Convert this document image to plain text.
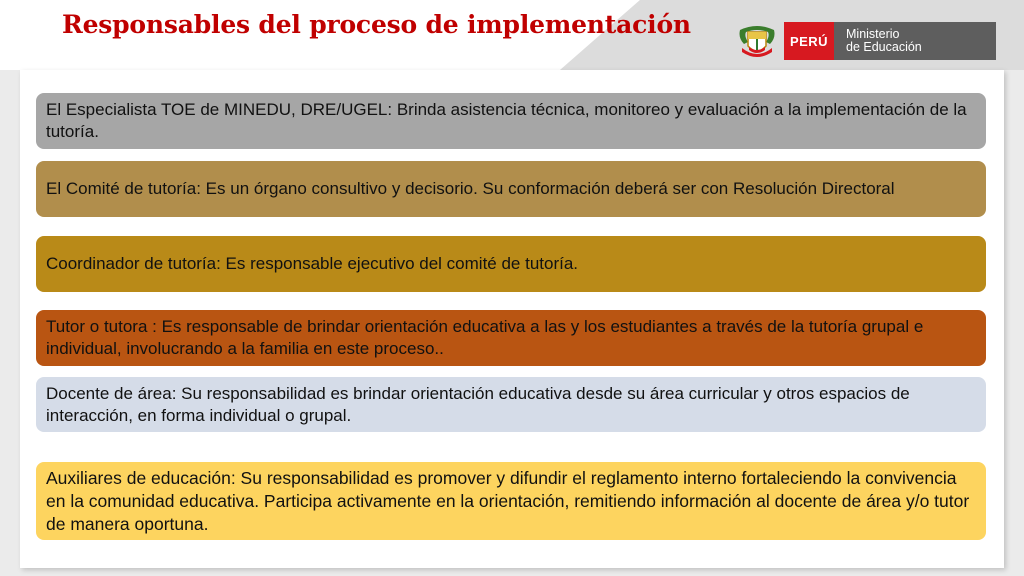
Responsables del proceso de implementación
PERÚ	Ministerio
de Educación
El Especialista TOE de MINEDU, DRE/UGEL: Brinda asistencia técnica, monitoreo y evaluación a la implementación de la tutoría.
El Comité de tutoría: Es un órgano consultivo y decisorio. Su conformación deberá ser con Resolución Directoral
Coordinador de tutoría: Es responsable ejecutivo del comité de tutoría.
Tutor o tutora : Es responsable de brindar orientación educativa a las y los estudiantes a través de la tutoría grupal e individual, involucrando a la familia en este proceso..
Docente de área: Su responsabilidad es brindar orientación educativa desde su área curricular y otros espacios de interacción, en forma individual o grupal.
Auxiliares de educación: Su responsabilidad es promover y difundir el reglamento interno fortaleciendo la convivencia en la comunidad educativa. Participa activamente en la orientación, remitiendo información al docente de área y/o tutor de manera oportuna.
